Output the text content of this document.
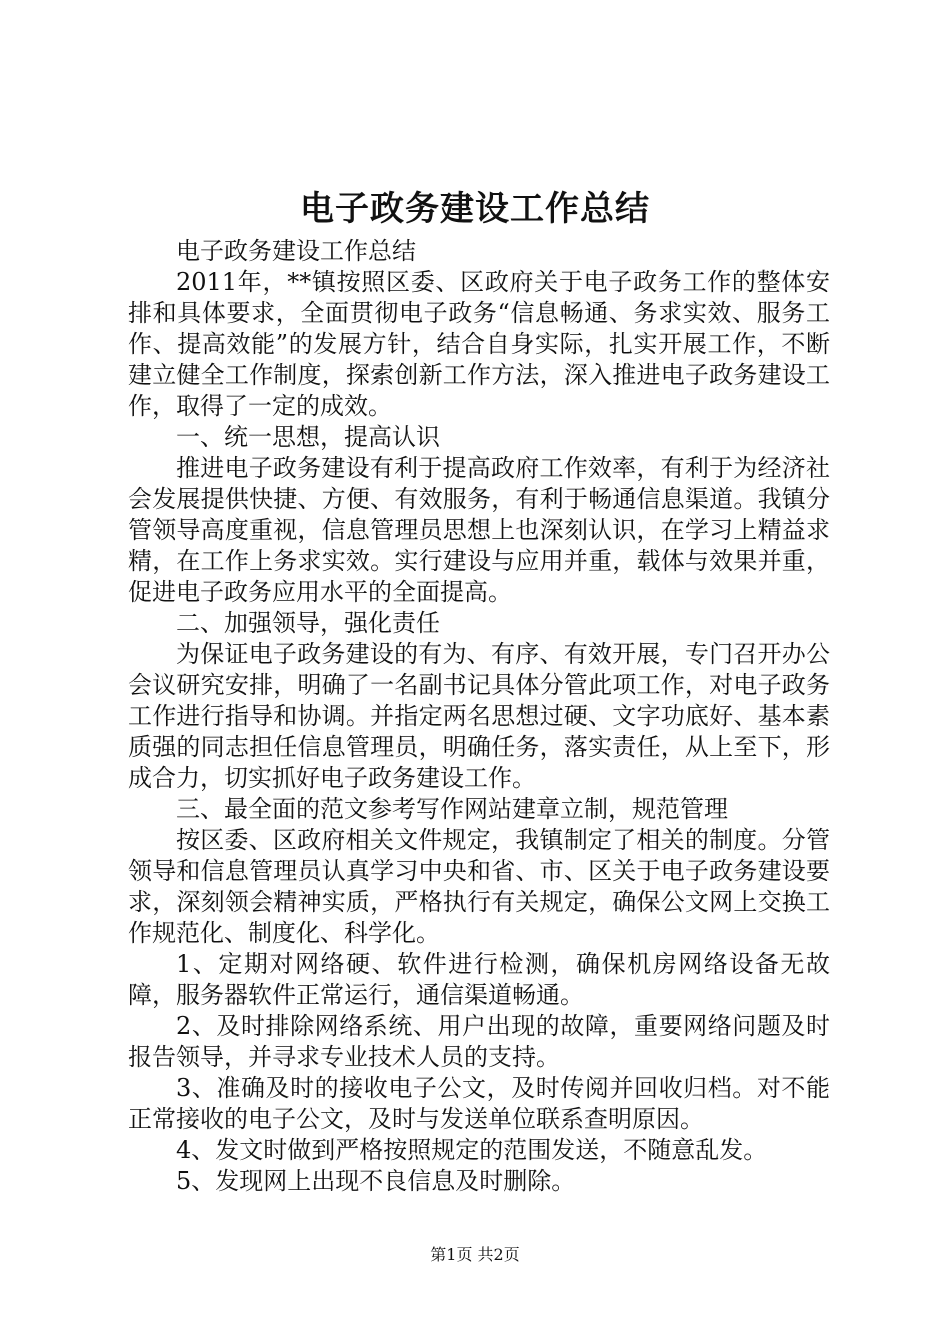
电子政务建设工作总结

电子政务建设工作总结

2011年，**镇按照区委、区政府关于电子政务工作的整体安排和具体要求，全面贯彻电子政务“信息畅通、务求实效、服务工作、提高效能”的发展方针，结合自身实际，扎实开展工作，不断建立健全工作制度，探索创新工作方法，深入推进电子政务建设工作，取得了一定的成效。

一、统一思想，提高认识

推进电子政务建设有利于提高政府工作效率，有利于为经济社会发展提供快捷、方便、有效服务，有利于畅通信息渠道。我镇分管领导高度重视，信息管理员思想上也深刻认识，在学习上精益求精，在工作上务求实效。实行建设与应用并重，载体与效果并重，促进电子政务应用水平的全面提高。

二、加强领导，强化责任

为保证电子政务建设的有为、有序、有效开展，专门召开办公会议研究安排，明确了一名副书记具体分管此项工作，对电子政务工作进行指导和协调。并指定两名思想过硬、文字功底好、基本素质强的同志担任信息管理员，明确任务，落实责任，从上至下，形成合力，切实抓好电子政务建设工作。

三、最全面的范文参考写作网站建章立制，规范管理

按区委、区政府相关文件规定，我镇制定了相关的制度。分管领导和信息管理员认真学习中央和省、市、区关于电子政务建设要求，深刻领会精神实质，严格执行有关规定，确保公文网上交换工作规范化、制度化、科学化。

1、定期对网络硬、软件进行检测，确保机房网络设备无故障，服务器软件正常运行，通信渠道畅通。

2、及时排除网络系统、用户出现的故障，重要网络问题及时报告领导，并寻求专业技术人员的支持。

3、准确及时的接收电子公文，及时传阅并回收归档。对不能正常接收的电子公文，及时与发送单位联系查明原因。

4、发文时做到严格按照规定的范围发送，不随意乱发。

5、发现网上出现不良信息及时删除。

第1页 共2页
